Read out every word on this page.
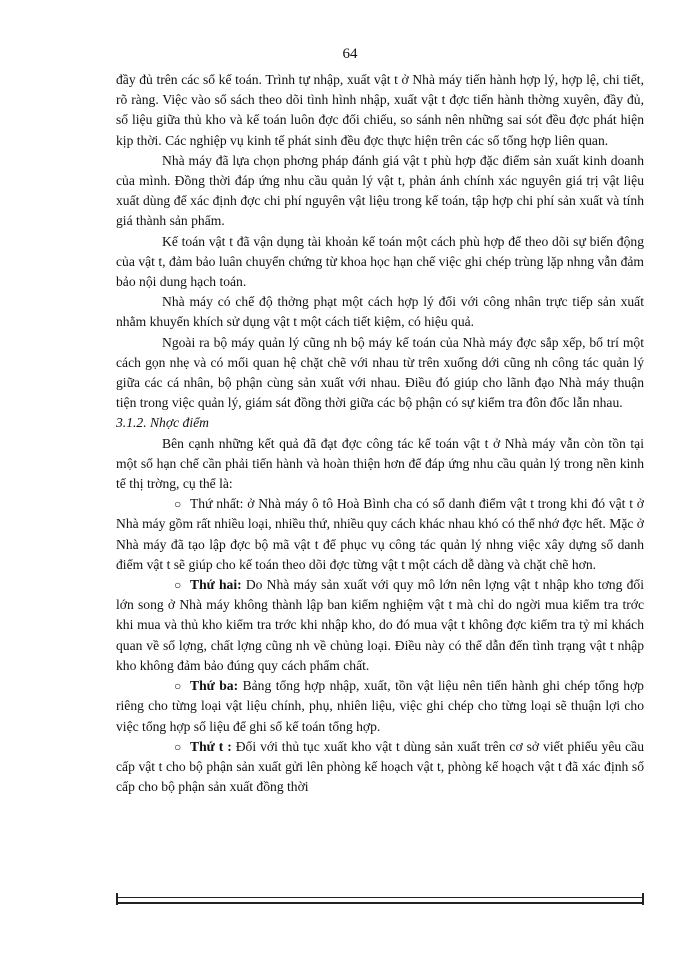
64

đầy đủ trên các sổ kế toán. Trình tự nhập, xuất vật t ở Nhà máy tiến hành hợp lý, hợp lệ, chi tiết, rõ ràng. Việc vào sổ sách theo dõi tình hình nhập, xuất vật t đợc tiến hành thờng xuyên, đầy đủ, số liệu giữa thủ kho và kế toán luôn đợc đối chiếu, so sánh nên những sai sót đều đợc phát hiện kịp thời. Các nghiệp vụ kinh tế phát sinh đều đợc thực hiện trên các sổ tổng hợp liên quan.

Nhà máy đã lựa chọn phơng pháp đánh giá vật t phù hợp đặc điểm sản xuất kinh doanh của mình. Đồng thời đáp ứng nhu cầu quản lý vật t, phản ánh chính xác nguyên giá trị vật liệu xuất dùng để xác định đợc chi phí nguyên vật liệu trong kế toán, tập hợp chi phí sản xuất và tính giá thành sản phẩm.

Kế toán vật t đã vận dụng tài khoản kế toán một cách phù hợp để theo dõi sự biến động của vật t, đảm bảo luân chuyển chứng từ khoa học hạn chế việc ghi chép trùng lặp nhng vẫn đảm bảo nội dung hạch toán.

Nhà máy có chế độ thởng phạt một cách hợp lý đối với công nhân trực tiếp sản xuất nhằm khuyến khích sử dụng vật t một cách tiết kiệm, có hiệu quả.

Ngoài ra bộ máy quản lý cũng nh bộ máy kế toán của Nhà máy đợc sắp xếp, bố trí một cách gọn nhẹ và có mối quan hệ chặt chẽ với nhau từ trên xuống dới cũng nh công tác quản lý giữa các cá nhân, bộ phận cùng sản xuất với nhau. Điều đó giúp cho lãnh đạo Nhà máy thuận tiện trong việc quản lý, giám sát đồng thời giữa các bộ phận có sự kiểm tra đôn đốc lẫn nhau.

3.1.2. Nhợc điểm

Bên cạnh những kết quả đã đạt đợc công tác kế toán vật t ở Nhà máy vẫn còn tồn tại một số hạn chế cần phải tiến hành và hoàn thiện hơn để đáp ứng nhu cầu quản lý trong nền kinh tế thị trờng, cụ thể là:

○ Thứ nhất: ở Nhà máy ô tô Hoà Bình cha có sổ danh điểm vật t trong khi đó vật t ở Nhà máy gồm rất nhiều loại, nhiều thứ, nhiều quy cách khác nhau khó có thể nhớ đợc hết. Mặc ở Nhà máy đã tạo lập đợc bộ mã vật t để phục vụ công tác quản lý nhng việc xây dựng sổ danh điểm vật t sẽ giúp cho kế toán theo dõi đợc từng vật t một cách dễ dàng và chặt chẽ hơn.

○ Thứ hai: Do Nhà máy sản xuất với quy mô lớn nên lợng vật t nhập kho tơng đối lớn song ở Nhà máy không thành lập ban kiểm nghiệm vật t mà chỉ do ngời mua kiểm tra trớc khi mua và thủ kho kiểm tra trớc khi nhập kho, do đó mua vật t không đợc kiểm tra tỷ mỉ khách quan về số lợng, chất lợng cũng nh về chủng loại. Điều này có thể dẫn đến tình trạng vật t nhập kho không đảm bảo đúng quy cách phẩm chất.

○ Thứ ba: Bảng tổng hợp nhập, xuất, tồn vật liệu nên tiến hành ghi chép tổng hợp riêng cho từng loại vật liệu chính, phụ, nhiên liệu, việc ghi chép cho từng loại sẽ thuận lợi cho việc tổng hợp số liệu để ghi sổ kế toán tổng hợp.

○ Thứ t : Đối với thủ tục xuất kho vật t dùng sản xuất trên cơ sở viết phiếu yêu cầu cấp vật t cho bộ phận sản xuất gửi lên phòng kế hoạch vật t, phòng kế hoạch vật t đã xác định số cấp cho bộ phận sản xuất đồng thời
